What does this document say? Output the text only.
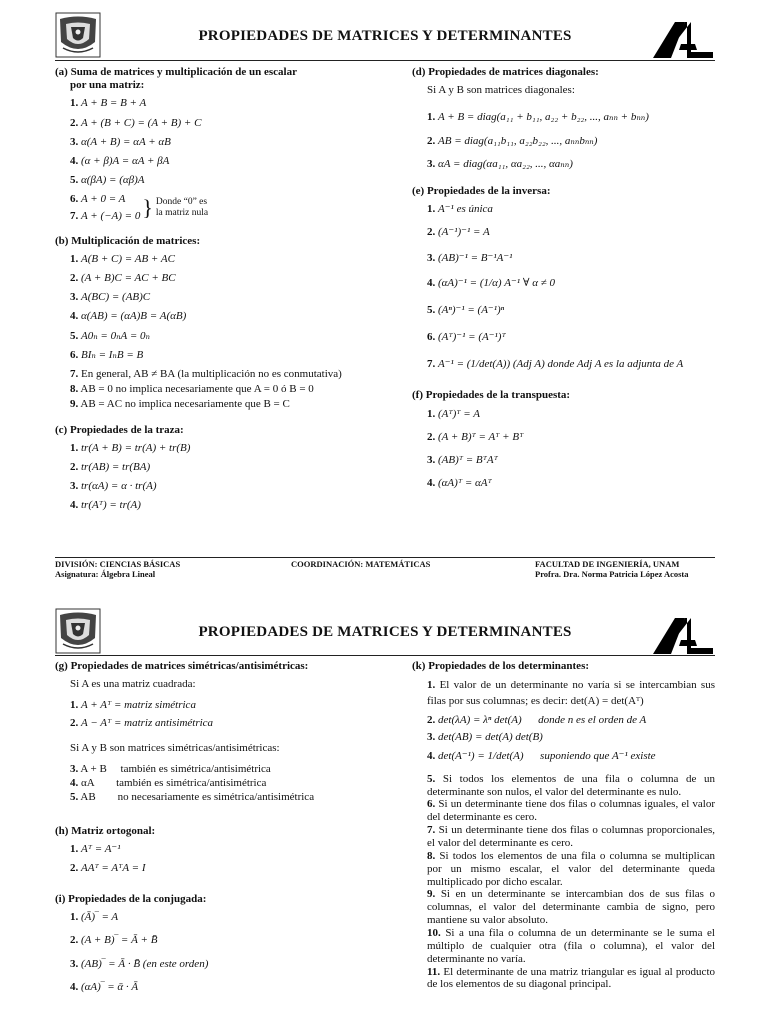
PROPIEDADES DE MATRICES Y DETERMINANTES
(a) Suma de matrices y multiplicación de un escalar
por una matriz:
1. A + B = B + A
2. A + (B + C) = (A + B) + C
3. α(A + B) = αA + αB
4. (α + β)A = αA + βA
5. α(βA) = (αβ)A
6. A + 0 = A
7. A + (−A) = 0 } Donde “0” es
la matriz nula
(b) Multiplicación de matrices:
1. A(B + C) = AB + AC
2. (A + B)C = AC + BC
3. A(BC) = (AB)C
4. α(AB) = (αA)B = A(αB)
5. A0ₙ = 0ₙA = 0ₙ
6. BIₙ = IₙB = B
7. En general, AB ≠ BA (la multiplicación no es conmutativa)
8. AB = 0 no implica necesariamente que A = 0 ó B = 0
9. AB = AC no implica necesariamente que B = C
(c) Propiedades de la traza:
1. tr(A + B) = tr(A) + tr(B)
2. tr(AB) = tr(BA)
3. tr(αA) = α · tr(A)
4. tr(Aᵀ) = tr(A)
(d) Propiedades de matrices diagonales:
Si A y B son matrices diagonales:
1. A + B = diag(a₁₁ + b₁₁, a₂₂ + b₂₂, ..., aₙₙ + bₙₙ)
2. AB = diag(a₁₁b₁₁, a₂₂b₂₂, ..., aₙₙbₙₙ)
3. αA = diag(αa₁₁, αa₂₂, ..., αaₙₙ)
(e) Propiedades de la inversa:
1. A⁻¹ es única
2. (A⁻¹)⁻¹ = A
3. (AB)⁻¹ = B⁻¹A⁻¹
4. (αA)⁻¹ = (1/α) A⁻¹ ∀ α ≠ 0
5. (Aⁿ)⁻¹ = (A⁻¹)ⁿ
6. (Aᵀ)⁻¹ = (A⁻¹)ᵀ
7. A⁻¹ = (1/det(A)) (Adj A) donde Adj A es la adjunta de A
(f) Propiedades de la transpuesta:
1. (Aᵀ)ᵀ = A
2. (A + B)ᵀ = Aᵀ + Bᵀ
3. (AB)ᵀ = BᵀAᵀ
4. (αA)ᵀ = αAᵀ
DIVISIÓN: CIENCIAS BÁSICAS
Asignatura: Álgebra Lineal
COORDINACIÓN: MATEMÁTICAS	FACULTAD DE INGENIERÍA, UNAM
Profra. Dra. Norma Patricia López Acosta
PROPIEDADES DE MATRICES Y DETERMINANTES
(g) Propiedades de matrices simétricas/antisimétricas:
Si A es una matriz cuadrada:
1. A + Aᵀ = matriz simétrica
2. A − Aᵀ = matriz antisimétrica
Si A y B son matrices simétricas/antisimétricas:
3. A + B     también es simétrica/antisimétrica
4. αA        también es simétrica/antisimétrica
5. AB        no necesariamente es simétrica/antisimétrica
(h) Matriz ortogonal:
1. Aᵀ = A⁻¹
2. AAᵀ = AᵀA = I
(i) Propiedades de la conjugada:
1. (Ā)‾ = A
2. (A + B)‾ = Ā + B̄
3. (AB)‾ = Ā · B̄ (en este orden)
4. (αA)‾ = ᾱ · Ā
(k) Propiedades de los determinantes:
1. El valor de un determinante no varía si se intercambian sus filas por sus columnas; es decir: det(A) = det(Aᵀ)
2. det(λA) = λⁿ det(A)      donde n es el orden de A
3. det(AB) = det(A) det(B)
4. det(A⁻¹) = 1/det(A)      suponiendo que A⁻¹ existe
5. Si todos los elementos de una fila o columna de un determinante son nulos, el valor del determinante es nulo.
6. Si un determinante tiene dos filas o columnas iguales, el valor del determinante es cero.
7. Si un determinante tiene dos filas o columnas proporcionales, el valor del determinante es cero.
8. Si todos los elementos de una fila o columna se multiplican por un mismo escalar, el valor del determinante queda multiplicado por dicho escalar.
9. Si en un determinante se intercambian dos de sus filas o columnas, el valor del determinante cambia de signo, pero mantiene su valor absoluto.
10. Si a una fila o columna de un determinante se le suma el múltiplo de cualquier otra (fila o columna), el valor del determinante no varía.
11. El determinante de una matriz triangular es igual al producto de los elementos de su diagonal principal.
